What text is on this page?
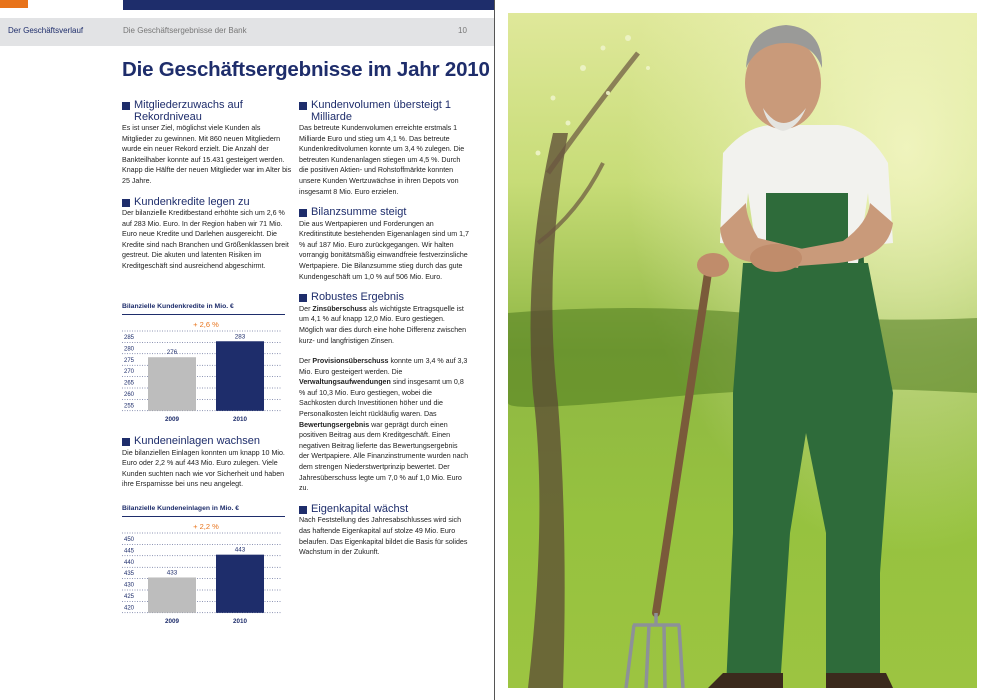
Der Geschäftsverlauf	Die Geschäftsergebnisse der Bank	10
Die Geschäftsergebnisse im Jahr 2010
Mitgliederzuwachs auf Rekordniveau

Es ist unser Ziel, möglichst viele Kunden als Mitglieder zu gewinnen. Mit 860 neuen Mitgliedern wurde ein neuer Rekord erzielt. Die Anzahl der Bankteilhaber konnte auf 15.431 gesteigert werden. Knapp die Hälfte der neuen Mitglieder war im Alter bis 25 Jahre.

Kundenkredite legen zu

Der bilanzielle Kreditbestand erhöhte sich um 2,6 % auf 283 Mio. Euro. In der Region haben wir 71 Mio. Euro neue Kredite und Darlehen ausgereicht. Die Kredite sind nach Branchen und Größenklassen breit gestreut. Die akuten und latenten Risiken im Kreditgeschäft sind ausreichend abgeschirmt.

Bilanzielle Kundenkredite in Mio. €
285
280
275
270
265
260
255
276
2009
283
2010
+ 2,6 %
Kundeneinlagen wachsen

Die bilanziellen Einlagen konnten um knapp 10 Mio. Euro oder 2,2 % auf 443 Mio. Euro zulegen. Viele Kunden suchten nach wie vor Sicherheit und haben ihre Ersparnisse bei uns neu angelegt.

Bilanzielle Kundeneinlagen in Mio. €
450
445
440
435
430
425
420
433
2009
443
2010
+ 2,2 %
Kundenvolumen übersteigt 1 Milliarde

Das betreute Kundenvolumen erreichte erstmals 1 Milliarde Euro und stieg um 4,1 %. Das betreute Kundenkreditvolumen konnte um 3,4 % zulegen. Die betreuten Kundenanlagen stiegen um 4,5 %. Durch die positiven Aktien- und Rohstoffmärkte konnten unsere Kunden Wertzuwächse in ihren Depots von insgesamt 8 Mio. Euro erzielen.

Bilanzsumme steigt

Die aus Wertpapieren und Forderungen an Kreditinstitute bestehenden Eigenanlagen sind um 1,7 % auf 187 Mio. Euro zurückgegangen. Wir halten vorrangig bonitätsmäßig einwandfreie festverzinsliche Wertpapiere. Die Bilanzsumme stieg durch das gute Kundengeschäft um 1,0 % auf 506 Mio. Euro.

Robustes Ergebnis

Der Zinsüberschuss als wichtigste Ertragsquelle ist um 4,1 % auf knapp 12,0 Mio. Euro gestiegen. Möglich war dies durch eine hohe Differenz zwischen kurz- und langfristigen Zinsen.

Der Provisionsüberschuss konnte um 3,4 % auf 3,3 Mio. Euro gesteigert werden. Die Verwaltungsaufwendungen sind insgesamt um 0,8 % auf 10,3 Mio. Euro gestiegen, wobei die Sachkosten durch Investitionen höher und die Personalkosten leicht rückläufig waren. Das Bewertungsergebnis war geprägt durch einen positiven Beitrag aus dem Kreditgeschäft. Einen negativen Beitrag lieferte das Bewertungsergebnis der Wertpapiere. Alle Finanzinstrumente wurden nach dem strengen Niederstwertprinzip bewertet. Der Jahresüberschuss legte um 7,0 % auf 1,0 Mio. Euro zu.

Eigenkapital wächst

Nach Feststellung des Jahresabschlusses wird sich das haftende Eigenkapital auf stolze 49 Mio. Euro belaufen. Das Eigenkapital bildet die Basis für solides Wachstum in der Zukunft.
